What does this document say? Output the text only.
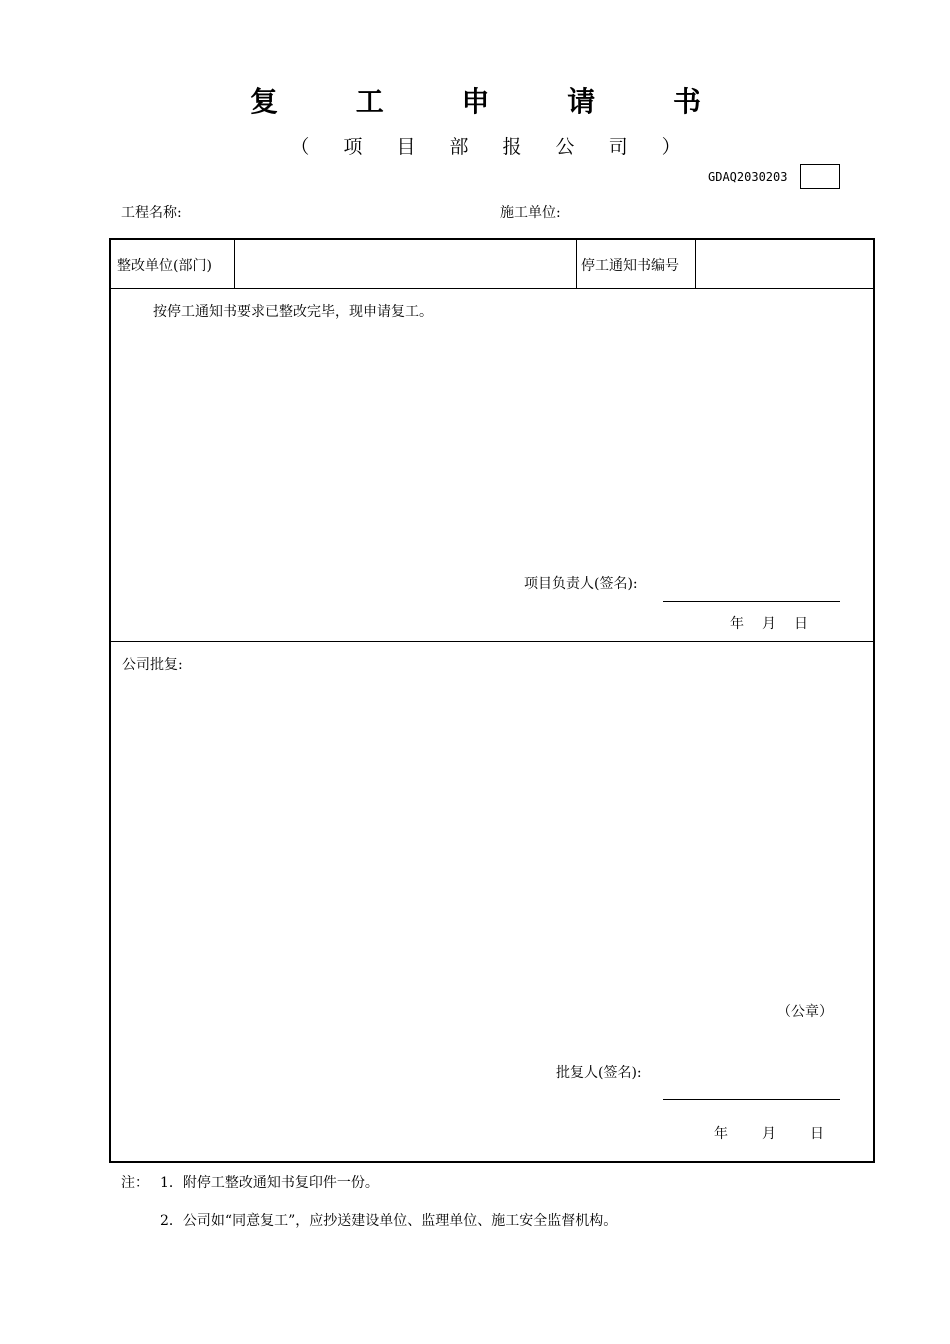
复 工 申 请 书
（ 项 目 部 报 公 司 ）
GDAQ2030203
工程名称:	施工单位:
整改单位(部门)	停工通知书编号
按停工通知书要求已整改完毕，现申请复工。
项目负责人(签名):
年 月 日
公司批复:
（公章）
批复人(签名):
年 月 日
注： 1．附停工整改通知书复印件一份。
2．公司如“同意复工”，应抄送建设单位、监理单位、施工安全监督机构。
